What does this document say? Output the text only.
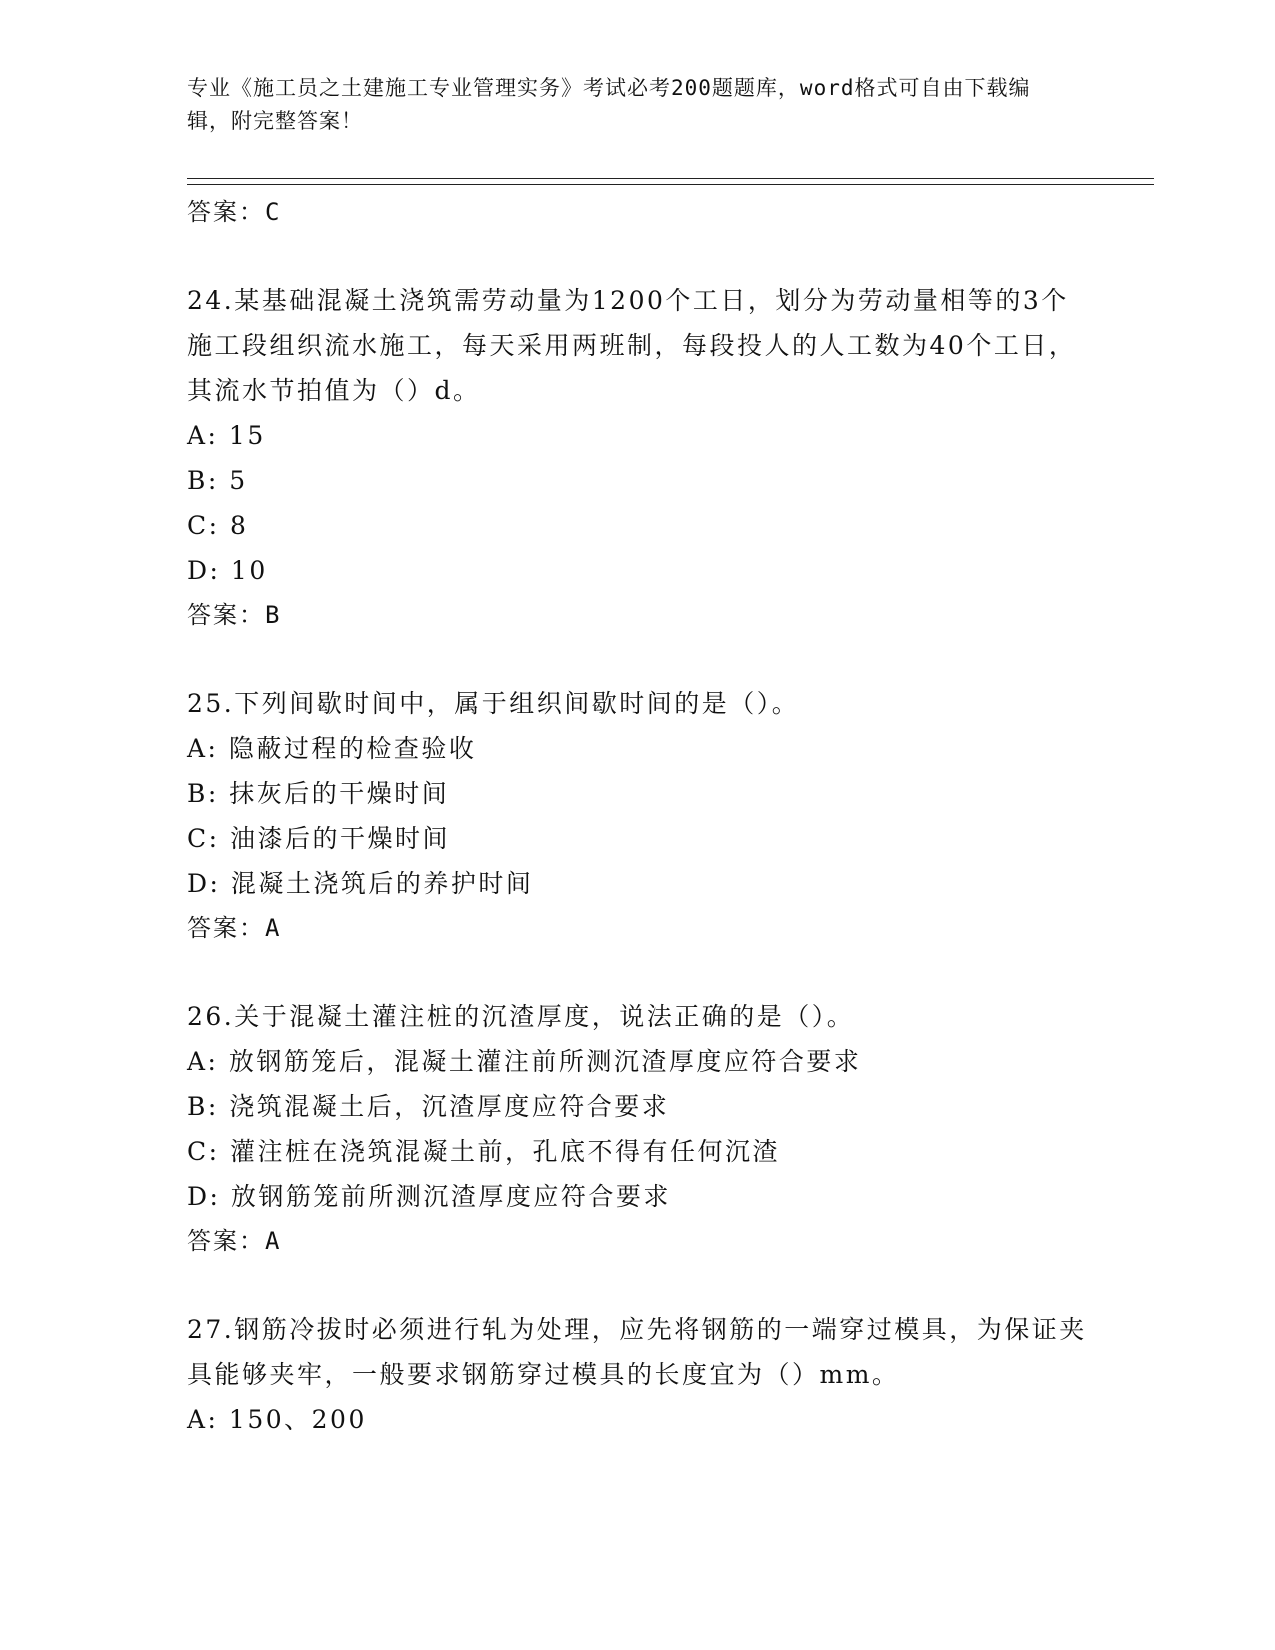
专业《施工员之土建施工专业管理实务》考试必考200题题库，word格式可自由下载编辑，附完整答案！
答案：C

24.某基础混凝土浇筑需劳动量为1200个工日，划分为劳动量相等的3个施工段组织流水施工，每天采用两班制，每段投人的人工数为40个工日，其流水节拍值为（）d。

A: 15
B: 5
C: 8
D: 10
答案：B

25.下列间歇时间中，属于组织间歇时间的是（）。

A: 隐蔽过程的检查验收
B: 抹灰后的干燥时间
C: 油漆后的干燥时间
D: 混凝土浇筑后的养护时间
答案：A

26.关于混凝土灌注桩的沉渣厚度，说法正确的是（）。

A: 放钢筋笼后，混凝土灌注前所测沉渣厚度应符合要求
B: 浇筑混凝土后，沉渣厚度应符合要求
C: 灌注桩在浇筑混凝土前，孔底不得有任何沉渣
D: 放钢筋笼前所测沉渣厚度应符合要求
答案：A

27.钢筋冷拔时必须进行轧为处理，应先将钢筋的一端穿过模具，为保证夹具能够夹牢，一般要求钢筋穿过模具的长度宜为（）mm。

A: 150、200
